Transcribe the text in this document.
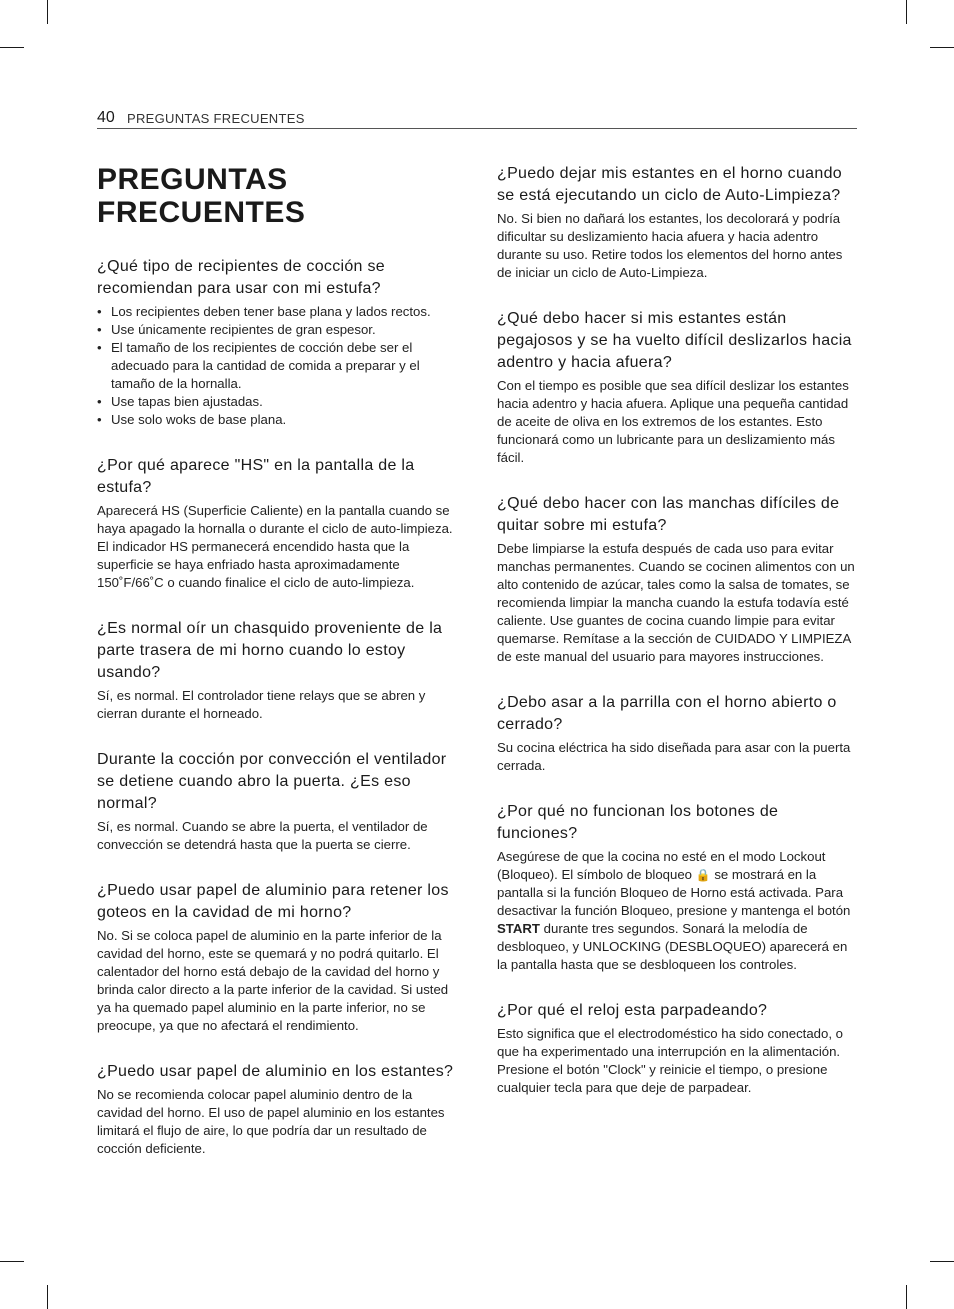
40 PREGUNTAS FRECUENTES
PREGUNTAS
FRECUENTES
¿Qué tipo de recipientes de cocción se recomiendan para usar con mi estufa?
• Los recipientes deben tener base plana y lados rectos.
• Use únicamente recipientes de gran espesor.
• El tamaño de los recipientes de cocción debe ser el adecuado para la cantidad de comida a preparar y el tamaño de la hornalla.
• Use tapas bien ajustadas.
• Use solo woks de base plana.
¿Por qué aparece "HS" en la pantalla de la estufa?

Aparecerá HS (Superficie Caliente) en la pantalla cuando se haya apagado la hornalla o durante el ciclo de auto-limpieza. El indicador HS permanecerá encendido hasta que la superficie se haya enfriado hasta aproximadamente 150˚F/66˚C o cuando finalice el ciclo de auto-limpieza.

¿Es normal oír un chasquido proveniente de la parte trasera de mi horno cuando lo estoy usando?

Sí, es normal. El controlador tiene relays que se abren y cierran durante el horneado.

Durante la cocción por convección el ventilador se detiene cuando abro la puerta. ¿Es eso normal?

Sí, es normal. Cuando se abre la puerta, el ventilador de convección se detendrá hasta que la puerta se cierre.

¿Puedo usar papel de aluminio para retener los goteos en la cavidad de mi horno?

No. Si se coloca papel de aluminio en la parte inferior de la cavidad del horno, este se quemará y no podrá quitarlo. El calentador del horno está debajo de la cavidad del horno y brinda calor directo a la parte inferior de la cavidad. Si usted ya ha quemado papel aluminio en la parte inferior, no se preocupe, ya que no afectará el rendimiento.

¿Puedo usar papel de aluminio en los estantes?

No se recomienda colocar papel aluminio dentro de la cavidad del horno. El uso de papel aluminio en los estantes limitará el flujo de aire, lo que podría dar un resultado de cocción deficiente.

¿Puedo dejar mis estantes en el horno cuando se está ejecutando un ciclo de Auto-Limpieza?

No. Si bien no dañará los estantes, los decolorará y podría dificultar su deslizamiento hacia afuera y hacia adentro durante su uso. Retire todos los elementos del horno antes de iniciar un ciclo de Auto-Limpieza.

¿Qué debo hacer si mis estantes están pegajosos y se ha vuelto difícil deslizarlos hacia adentro y hacia afuera?

Con el tiempo es posible que sea difícil deslizar los estantes hacia adentro y hacia afuera. Aplique una pequeña cantidad de aceite de oliva en los extremos de los estantes. Esto funcionará como un lubricante para un deslizamiento más fácil.

¿Qué debo hacer con las manchas difíciles de quitar sobre mi estufa?

Debe limpiarse la estufa después de cada uso para evitar manchas permanentes. Cuando se cocinen alimentos con un alto contenido de azúcar, tales como la salsa de tomates, se recomienda limpiar la mancha cuando la estufa todavía esté caliente. Use guantes de cocina cuando limpie para evitar quemarse. Remítase a la sección de CUIDADO Y LIMPIEZA de este manual del usuario para mayores instrucciones.

¿Debo asar a la parrilla con el horno abierto o cerrado?

Su cocina eléctrica ha sido diseñada para asar con la puerta cerrada.

¿Por qué no funcionan los botones de funciones?

Asegúrese de que la cocina no esté en el modo Lockout (Bloqueo). El símbolo de bloqueo 🔒 se mostrará en la pantalla si la función Bloqueo de Horno está activada. Para desactivar la función Bloqueo, presione y mantenga el botón START durante tres segundos. Sonará la melodía de desbloqueo, y UNLOCKING (DESBLOQUEO) aparecerá en la pantalla hasta que se desbloqueen los controles.

¿Por qué el reloj esta parpadeando?

Esto significa que el electrodoméstico ha sido conectado, o que ha experimentado una interrupción en la alimentación. Presione el botón "Clock" y reinicie el tiempo, o presione cualquier tecla para que deje de parpadear.
